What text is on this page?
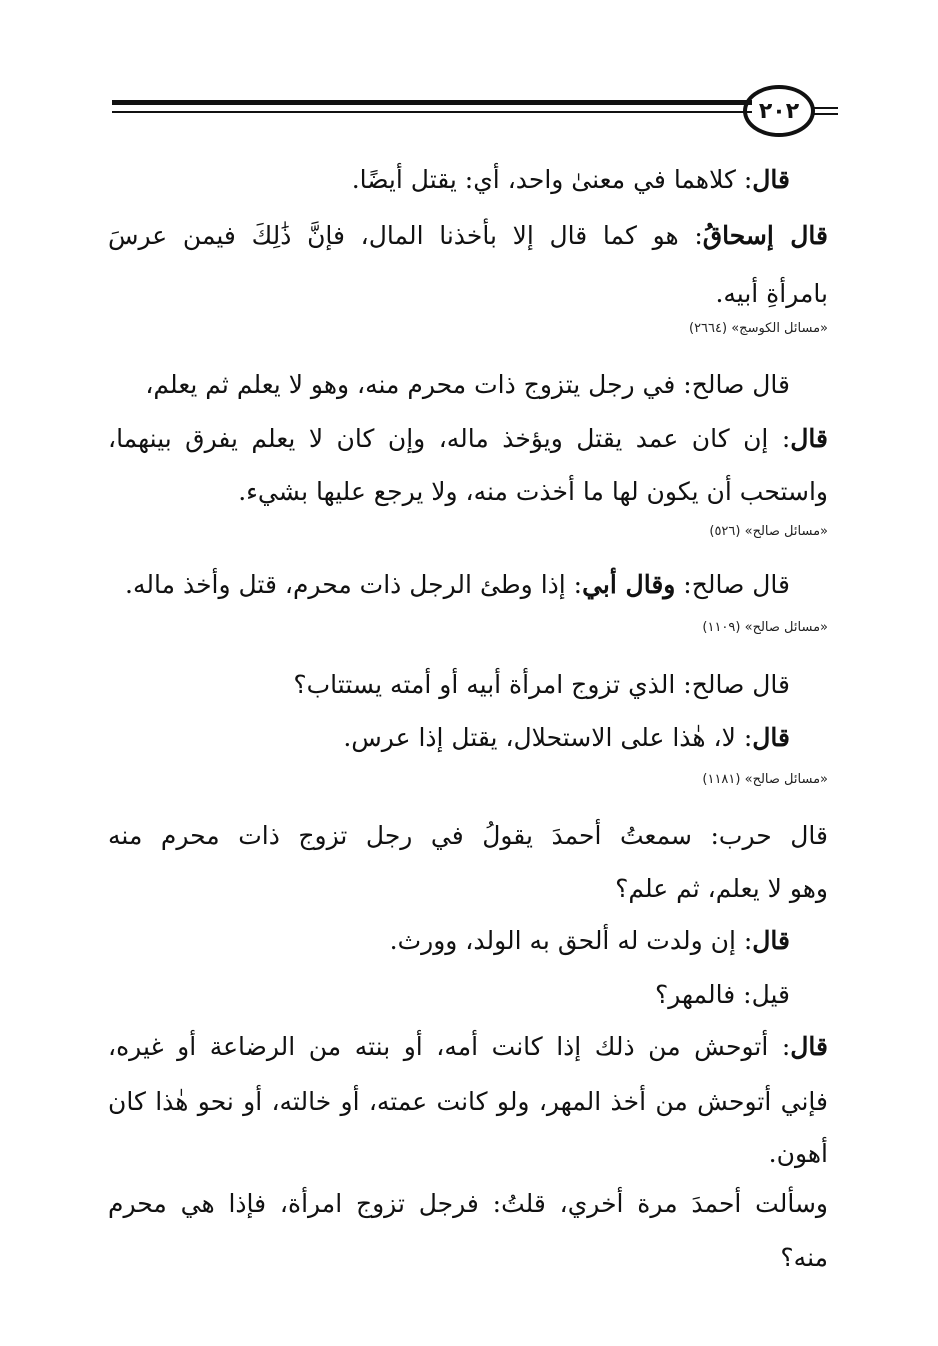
٢٠٢
قال: كلاهما في معنىٰ واحد، أي: يقتل أيضًا.
قال إسحاقُ: هو كما قال إلا بأخذنا المال، فإنَّ ذَٰلِكَ فيمن عرسَ
بامرأةِ أبيه.
«مسائل الكوسج» (٢٦٦٤)
قال صالح: في رجل يتزوج ذات محرم منه، وهو لا يعلم ثم يعلم،
قال: إن كان عمد يقتل ويؤخذ ماله، وإن كان لا يعلم يفرق بينهما،
واستحب أن يكون لها ما أخذت منه، ولا يرجع عليها بشيء.
«مسائل صالح» (٥٢٦)
قال صالح: وقال أبي: إذا وطئ الرجل ذات محرم، قتل وأخذ ماله.
«مسائل صالح» (١١٠٩)
قال صالح: الذي تزوج امرأة أبيه أو أمته يستتاب؟
قال: لا، هٰذا على الاستحلال، يقتل إذا عرس.
«مسائل صالح» (١١٨١)
قال حرب: سمعتُ أحمدَ يقولُ في رجل تزوج ذات محرم منه
وهو لا يعلم، ثم علم؟
قال: إن ولدت له ألحق به الولد، وورث.
قيل: فالمهر؟
قال: أتوحش من ذلك إذا كانت أمه، أو بنته من الرضاعة أو غيره،
فإني أتوحش من أخذ المهر، ولو كانت عمته، أو خالته، أو نحو هٰذا كان
أهون.
وسألت أحمدَ مرة أخري، قلتُ: فرجل تزوج امرأة، فإذا هي محرم
منه؟
